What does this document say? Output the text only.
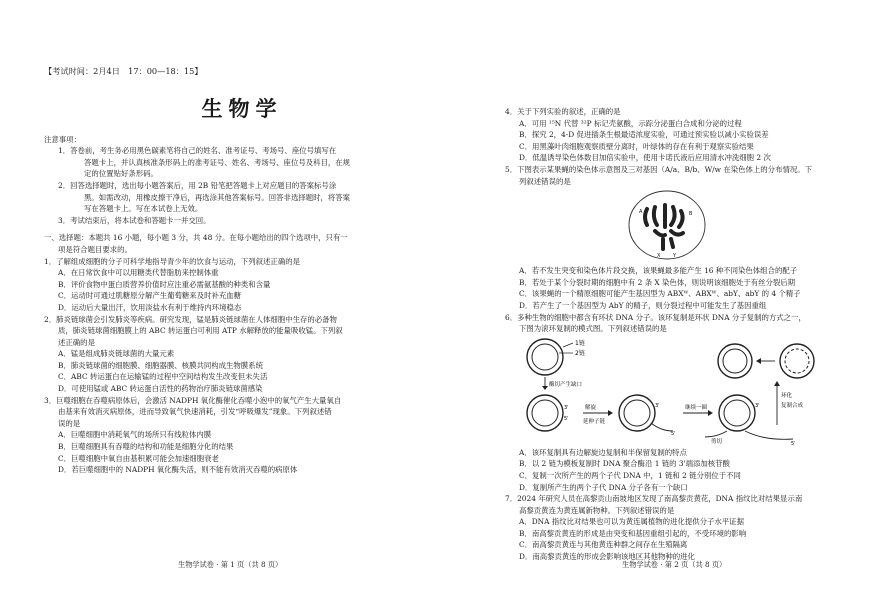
【考试时间：2月4日　17：00—18：15】

生物学

注意事项：

1．答卷前，考生务必用黑色碳素笔将自己的姓名、准考证号、考场号、座位号填写在

答题卡上，并认真核准条形码上的准考证号、姓名、考场号、座位号及科目，在规

定的位置贴好条形码。

2．回答选择题时，选出每小题答案后，用 2B 铅笔把答题卡上对应题目的答案标号涂

黑。如需改动，用橡皮擦干净后，再选涂其他答案标号。回答非选择题时，将答案

写在答题卡上。写在本试卷上无效。

3．考试结束后，将本试卷和答题卡一并交回。

一、选择题：本题共 16 小题，每小题 3 分，共 48 分。在每小题给出的四个选项中，只有一

项是符合题目要求的。

1．了解组成细胞的分子可科学地指导青少年的饮食与运动，下列叙述正确的是

A．在日常饮食中可以用糖类代替脂肪来控制体重

B．评价食物中蛋白质营养价值时应注重必需氨基酸的种类和含量

C．运动时可通过肌糖原分解产生葡萄糖来及时补充血糖

D．运动后大量出汗，饮用淡盐水有利于维持内环境稳态

2．肺炎链球菌会引发肺炎等疾病。研究发现，锰是肺炎链球菌在人体细胞中生存的必备物

质，肺炎链球菌细胞膜上的 ABC 转运蛋白可利用 ATP 水解释放的能量吸收锰。下列叙

述正确的是

A．锰是组成肺炎链球菌的大量元素

B．肺炎链球菌的细胞膜、细胞器膜、核膜共同构成生物膜系统

C．ABC 转运蛋白在运输锰的过程中空间结构发生改变但未失活

D．可使用锰或 ABC 转运蛋白活性的药物治疗肺炎链球菌感染

3．巨噬细胞在吞噬病原体后，会激活 NADPH 氧化酶催化吞噬小泡中的氧气产生大量氧自

由基来有效消灭病原体，进而导致氧气快速消耗，引发“呼吸爆发”现象。下列叙述错

误的是

A．巨噬细胞中消耗氧气的场所只有线粒体内膜

B．巨噬细胞具有吞噬的结构和功能是细胞分化的结果

C．巨噬细胞中氧自由基积累可能会加速细胞衰老

D．若巨噬细胞中的 NADPH 氧化酶失活，则不能有效消灭吞噬的病原体

4．关于下列实验的叙述，正确的是

A．可用 ¹⁵N 代替 ³²P 标记壳氨酸，示踪分泌蛋白合成和分泌的过程

B．探究 2，4-D 促进插条生根最适浓度实验，可通过预实验以减小实验误差

C．用黑藻叶肉细胞观察质壁分离时，叶绿体的存在有利于观察实验结果

D．低温诱导染色体数目加倍实验中，使用卡诺氏液后应用清水冲洗细胞 2 次

5．下图表示某果蝇的染色体示意图及三对基因（A/a、B/b、W/w 在染色体上的分布情况。下

列叙述错误的是

A	B
X	Y

A．若不发生突变和染色体片段交换，该果蝇最多能产生 16 种不同染色体组合的配子

B．若处于某个分裂时期的细胞中有 2 条 X 染色体，则说明该细胞处于有丝分裂后期

C．该果蝇的一个精原细胞可能产生基因型为 ABXᵂ、ABXᵂ、abY、abY 的 4 个精子

D．若产生了一个基因型为 AbY 的精子，则分裂过程中可能发生了基因重组

6．多种生物的细胞中都含有环状 DNA 分子。该环复制是环状 DNA 分子复制的方式之一，

下图为滚环复制的模式图。下列叙述错误的是

1链
2链
酶切产生缺口
3'
5'
解旋
延伸子链
3'
5'
继续一圈	3'
5'
剪切
环化
复制合成

A．该环复制具有边解旋边复制和半保留复制的特点

B．以 2 链为模板复制时 DNA 聚合酶沿 1 链的 3'端添加核苷酸

C．复制一次所产生的两个子代 DNA 中，1 链和 2 链分别位于不同

D．复制所产生的两个子代 DNA 分子各有一个缺口

7．2024 年研究人员在高黎贡山南坡地区发现了南高黎贡黄花，DNA 指纹比对结果显示南

高黎贡黄连为黄连属新物种。下列叙述错误的是

A．DNA 指纹比对结果也可以为黄连属植物的进化提供分子水平证据

B．南高黎贡黄连的形成是由突变和基因重组引起的，不受环境的影响

C．南高黎贡黄连与其他黄连种群之间存在生殖隔离

D．南高黎贡黄连的形成会影响该地区其他物种的进化

生物学试卷 · 第 1 页（共 8 页）	生物学试卷 · 第 2 页（共 8 页）
